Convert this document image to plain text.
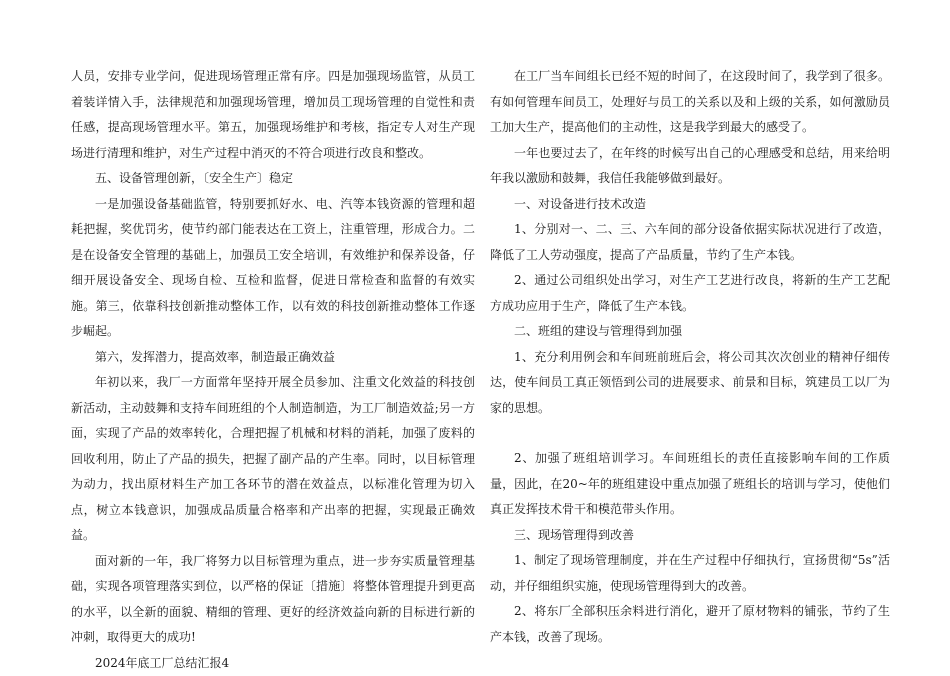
人员，安排专业学问，促进现场管理正常有序。四是加强现场监管，从员工着装详情入手，法律规范和加强现场管理，增加员工现场管理的自觉性和责任感，提高现场管理水平。第五，加强现场维护和考核，指定专人对生产现场进行清理和维护，对生产过程中消灭的不符合项进行改良和整改。

五、设备管理创新，〔安全生产〕稳定

一是加强设备基础监管，特别要抓好水、电、汽等本钱资源的管理和超耗把握，奖优罚劣，使节约部门能表达在工资上，注重管理，形成合力。二是在设备安全管理的基础上，加强员工安全培训，有效维护和保养设备，仔细开展设备安全、现场自检、互检和监督，促进日常检查和监督的有效实施。第三，依靠科技创新推动整体工作，以有效的科技创新推动整体工作逐步崛起。

第六，发挥潜力，提高效率，制造最正确效益

年初以来，我厂一方面常年坚持开展全员参加、注重文化效益的科技创新活动，主动鼓舞和支持车间班组的个人制造制造，为工厂制造效益;另一方面，实现了产品的效率转化，合理把握了机械和材料的消耗，加强了废料的回收利用，防止了产品的损失，把握了副产品的产生率。同时，以目标管理为动力，找出原材料生产加工各环节的潜在效益点，以标准化管理为切入点，树立本钱意识，加强成品质量合格率和产出率的把握，实现最正确效益。

面对新的一年，我厂将努力以目标管理为重点，进一步夯实质量管理基础，实现各项管理落实到位，以严格的保证〔措施〕将整体管理提升到更高的水平，以全新的面貌、精细的管理、更好的经济效益向新的目标进行新的冲刺，取得更大的成功!

2024年底工厂总结汇报4

在工厂当车间组长已经不短的时间了，在这段时间了，我学到了很多。有如何管理车间员工，处理好与员工的关系以及和上级的关系，如何激励员工加大生产，提高他们的主动性，这是我学到最大的感受了。

一年也要过去了，在年终的时候写出自己的心理感受和总结，用来给明年我以激励和鼓舞，我信任我能够做到最好。

一、对设备进行技术改造

1、分别对一、二、三、六车间的部分设备依据实际状况进行了改造，降低了工人劳动强度，提高了产品质量，节约了生产本钱。

2、通过公司组织处出学习，对生产工艺进行改良，将新的生产工艺配方成功应用于生产，降低了生产本钱。

二、班组的建设与管理得到加强

1、充分利用例会和车间班前班后会，将公司其次次创业的精神仔细传达，使车间员工真正领悟到公司的进展要求、前景和目标，筑建员工以厂为家的思想。

2、加强了班组培训学习。车间班组长的责任直接影响车间的工作质量，因此，在20~年的班组建设中重点加强了班组长的培训与学习，使他们真正发挥技术骨干和模范带头作用。

三、现场管理得到改善

1、制定了现场管理制度，并在生产过程中仔细执行，宣扬贯彻“5s”活动，并仔细组织实施，使现场管理得到大的改善。

2、将东厂全部积压余料进行消化，避开了原材物料的铺张，节约了生产本钱，改善了现场。
